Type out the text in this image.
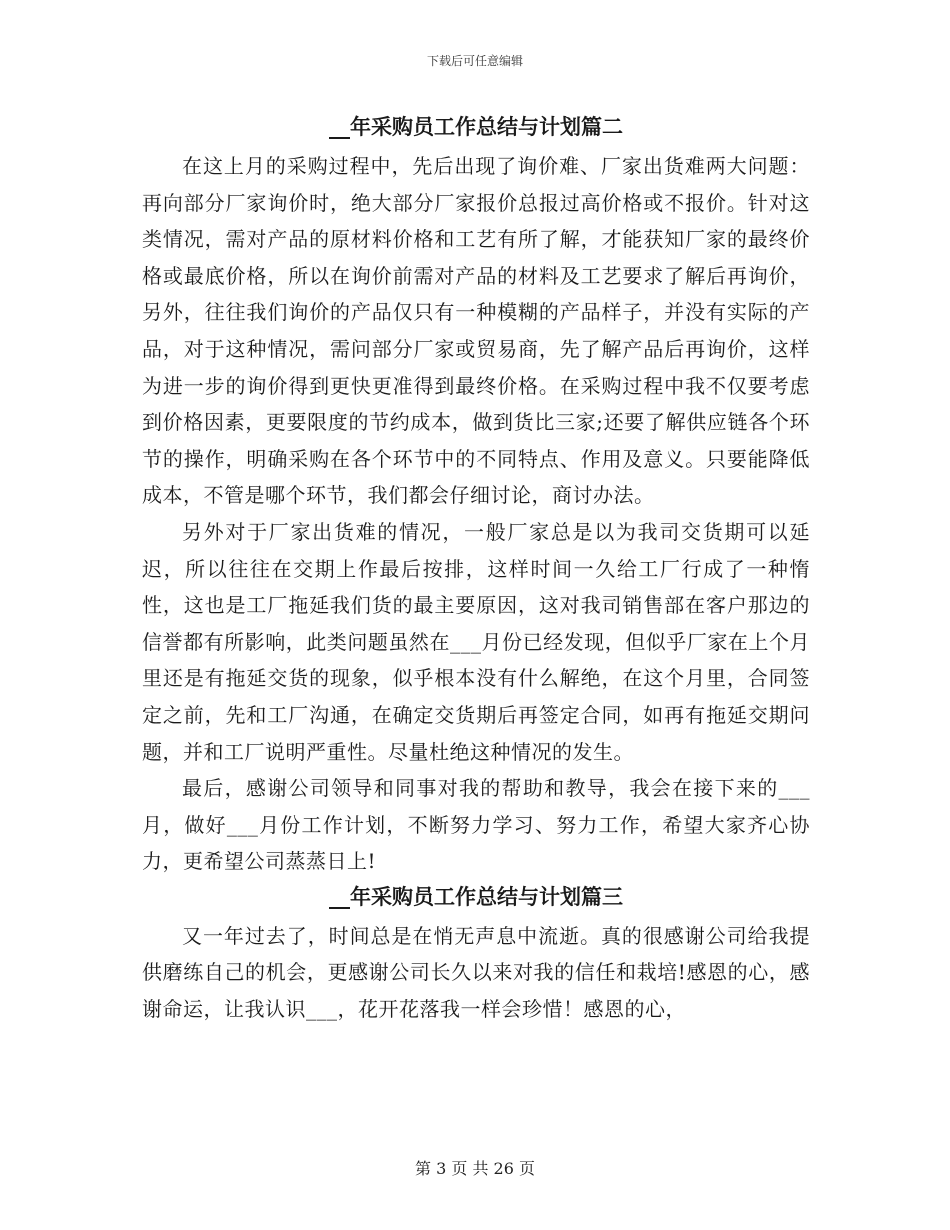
下载后可任意编辑
__年采购员工作总结与计划篇二

在这上月的采购过程中，先后出现了询价难、厂家出货难两大问题：再向部分厂家询价时，绝大部分厂家报价总报过高价格或不报价。针对这类情况，需对产品的原材料价格和工艺有所了解，才能获知厂家的最终价格或最底价格，所以在询价前需对产品的材料及工艺要求了解后再询价，另外，往往我们询价的产品仅只有一种模糊的产品样子，并没有实际的产品，对于这种情况，需问部分厂家或贸易商，先了解产品后再询价，这样为进一步的询价得到更快更准得到最终价格。在采购过程中我不仅要考虑到价格因素，更要限度的节约成本，做到货比三家;还要了解供应链各个环节的操作，明确采购在各个环节中的不同特点、作用及意义。只要能降低成本，不管是哪个环节，我们都会仔细讨论，商讨办法。

另外对于厂家出货难的情况，一般厂家总是以为我司交货期可以延迟，所以往往在交期上作最后按排，这样时间一久给工厂行成了一种惰性，这也是工厂拖延我们货的最主要原因，这对我司销售部在客户那边的信誉都有所影响，此类问题虽然在___月份已经发现，但似乎厂家在上个月里还是有拖延交货的现象，似乎根本没有什么解绝，在这个月里，合同签定之前，先和工厂沟通，在确定交货期后再签定合同，如再有拖延交期问题，并和工厂说明严重性。尽量杜绝这种情况的发生。

最后，感谢公司领导和同事对我的帮助和教导，我会在接下来的___月，做好___月份工作计划，不断努力学习、努力工作，希望大家齐心协力，更希望公司蒸蒸日上!

__年采购员工作总结与计划篇三

又一年过去了，时间总是在悄无声息中流逝。真的很感谢公司给我提供磨练自己的机会，更感谢公司长久以来对我的信任和栽培!感恩的心，感谢命运，让我认识___，花开花落我一样会珍惜！感恩的心，

第 3 页 共 26 页
